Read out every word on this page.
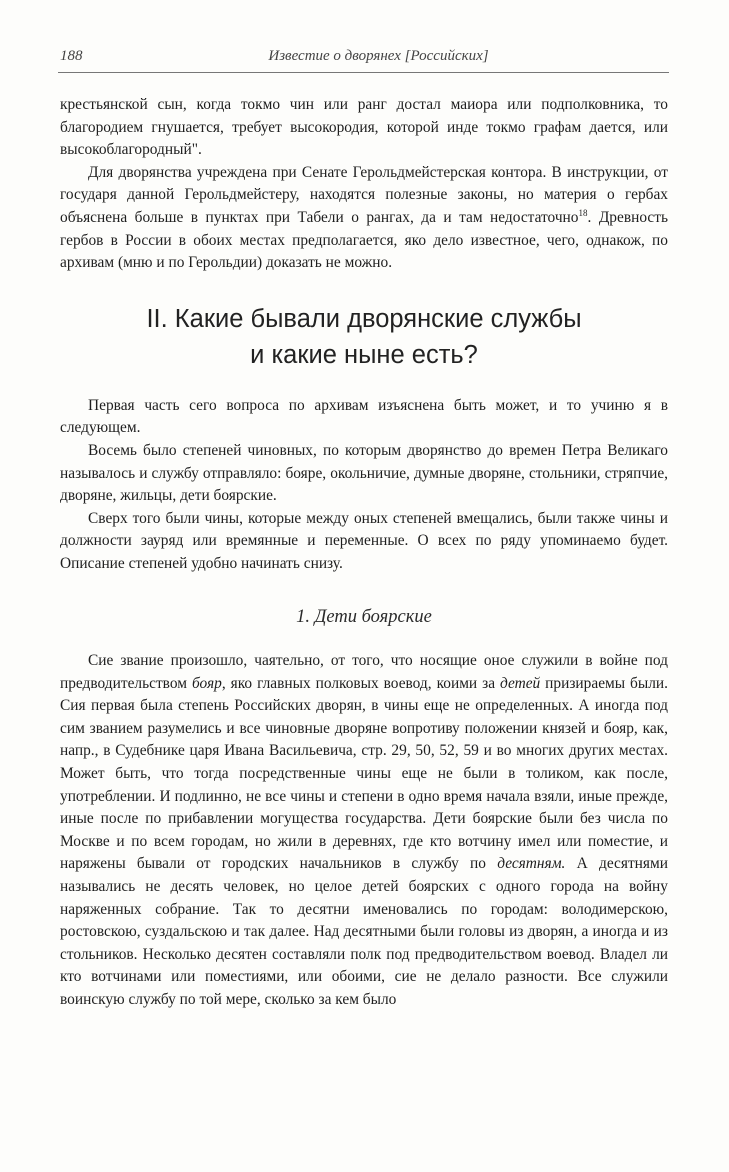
188	Известие о дворянех [Российских]

крестьянской сын, когда токмо чин или ранг достал маиора или подполковника, то благородием гнушается, требует высокородия, которой инде токмо графам дается, или высокоблагородный".

Для дворянства учреждена при Сенате Герольдмейстерская контора. В инструкции, от государя данной Герольдмейстеру, находятся полезные законы, но материя о гербах объяснена больше в пунктах при Табели о рангах, да и там недостаточно$^{18}$. Древность гербов в России в обоих местах предполагается, яко дело известное, чего, однакож, по архивам (мню и по Герольдии) доказать не можно.

II. Какие бывали дворянские службы
и какие ныне есть?

Первая часть сего вопроса по архивам изъяснена быть может, и то учиню я в следующем.

Восемь было степеней чиновных, по которым дворянство до времен Петра Великаго называлось и службу отправляло: бояре, окольничие, думные дворяне, стольники, стряпчие, дворяне, жильцы, дети боярские.

Сверх того были чины, которые между оных степеней вмещались, были также чины и должности зауряд или времянные и переменные. О всех по ряду упоминаемо будет. Описание степеней удобно начинать снизу.

1. Дети боярские

Сие звание произошло, чаятельно, от того, что носящие оное служили в войне под предводительством бояр, яко главных полковых воевод, коими за детей призираемы были. Сия первая была степень Российских дворян, в чины еще не определенных. А иногда под сим званием разумелись и все чиновные дворяне вопротиву положении князей и бояр, как, напр., в Судебнике царя Ивана Васильевича, стр. 29, 50, 52, 59 и во многих других местах. Может быть, что тогда посредственные чины еще не были в толиком, как после, употреблении. И подлинно, не все чины и степени в одно время начала взяли, иные прежде, иные после по прибавлении могущества государства. Дети боярские были без числа по Москве и по всем городам, но жили в деревнях, где кто вотчину имел или поместие, и наряжены бывали от городских начальников в службу по десятням. А десятнями назывались не десять человек, но целое детей боярских с одного города на войну наряженных собрание. Так то десятни именовались по городам: володимерскою, ростовскою, суздальскою и так далее. Над десятными были головы из дворян, а иногда и из стольников. Несколько десятен составляли полк под предводительством воевод. Владел ли кто вотчинами или поместиями, или обоими, сие не делало разности. Все служили воинскую службу по той мере, сколько за кем было
